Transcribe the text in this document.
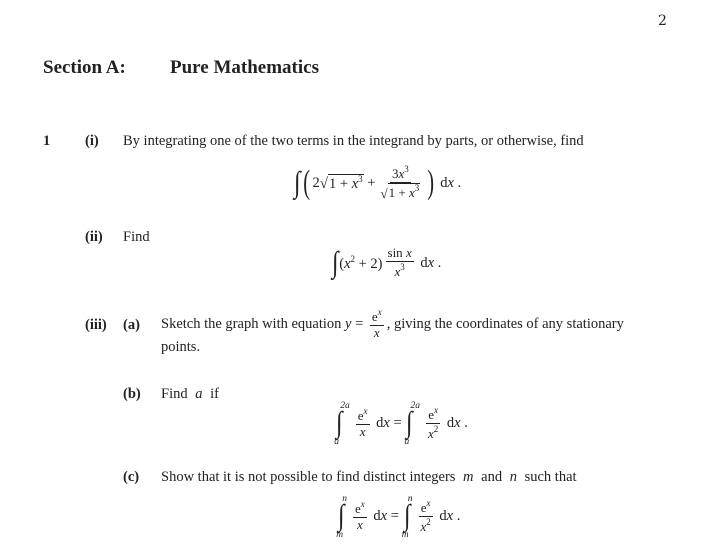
2
Section A: Pure Mathematics
1 (i) By integrating one of the two terms in the integrand by parts, or otherwise, find
∫ ( 2 √ $1 + x^3 + \frac{3x^3}{√ 1 + x^3}$ ) dx .
(ii) Find
∫ $(x^2 + 2) \frac{\text{sin x}}{x^3}$ dx .
(iii) (a) Sketch the graph with equation $y = \frac{e^x}{x}$ , giving the coordinates of any stationary
points.
(b) Find a if
∫
2a
a
$\frac{e^x}{x}$ dx = ∫
2a
a
$\frac{e^x}{x^2}$ dx .
(c) Show that it is not possible to find distinct integers m and n such that
∫
n
m
$\frac{e^x}{x}$ dx = ∫
n
m
$\frac{e^x}{x^2}$ dx .
